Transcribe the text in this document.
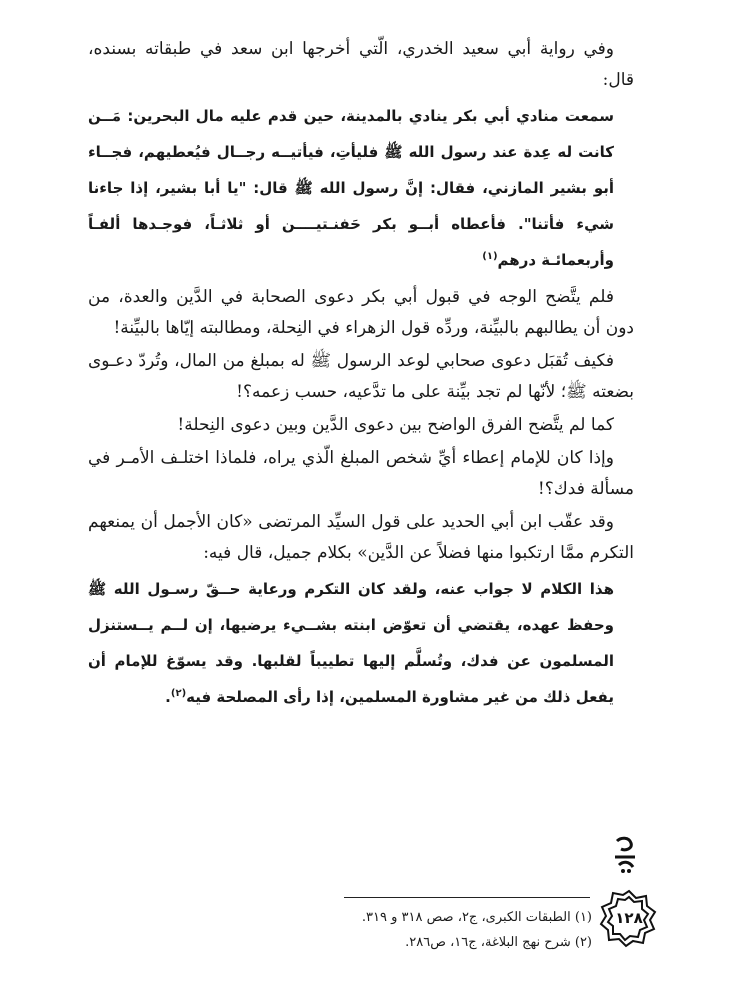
وفي رواية أبي سعيد الخدري، الّتي أخرجها ابن سعد في طبقاته بسنده، قال:

سمعت منادي أبي بكر ينادي بالمدينة، حين قدم عليه مال البحرين: مَــن كانت له عِدة عند رسول الله ﷺ فليأتِ، فيأتيــه رجــال فيُعطيهم، فجــاء أبو بشير المازني، فقال: إنَّ رسول الله ﷺ قال: "يا أبا بشير، إذا جاءنا شيء فأتنا". فأعطاه أبــو بكر حَفنـتيــــن أو ثلاثـاً، فوجـدها ألفـاً وأربعمائـة درهم$^{(١)}$

فلم يتَّضح الوجه في قبول أبي بكر دعوى الصحابة في الدَّين والعدة، من دون أن يطالبهم بالبيِّنة، وردِّه قول الزهراء في النِحلة، ومطالبته إيّاها بالبيِّنة!

فكيف تُقبَل دعوى صحابي لوعد الرسول ﷺ له بمبلغ من المال، وتُردّ دعـوى بضعته ﷺ؛ لأنّها لم تجد بيِّنة على ما تدَّعيه، حسب زعمه؟!

كما لم يتَّضح الفرق الواضح بين دعوى الدَّين وبين دعوى النِحلة!

وإذا كان للإمام إعطاء أيِّ شخص المبلغ الّذي يراه، فلماذا اختلـف الأمـر في مسألة فدك؟!

وقد عقّب ابن أبي الحديد على قول السيِّد المرتضى «كان الأجمل أن يمنعهم التكرم ممَّا ارتكبوا منها فضلاً عن الدَّين» بكلام جميل، قال فيه:

هذا الكلام لا جواب عنه، ولقد كان التكرم ورعاية حــقّ رسـول الله ﷺ وحفظ عهده، يقتضي أن تعوّض ابنته بشــيء يرضيها، إن لــم يــستنزل المسلمون عن فدك، وتُسلَّم إليها تطييباً لقلبها. وقد يسوّغ للإمام أن يفعل ذلك من غير مشاورة المسلمين، إذا رأى المصلحة فيه$^{(٢)}$.

(١) الطبقات الكبرى، ج٢، صص ٣١٨ و ٣١٩.

(٢) شرح نهج البلاغة، ج١٦، ص٢٨٦.

١٢٨
